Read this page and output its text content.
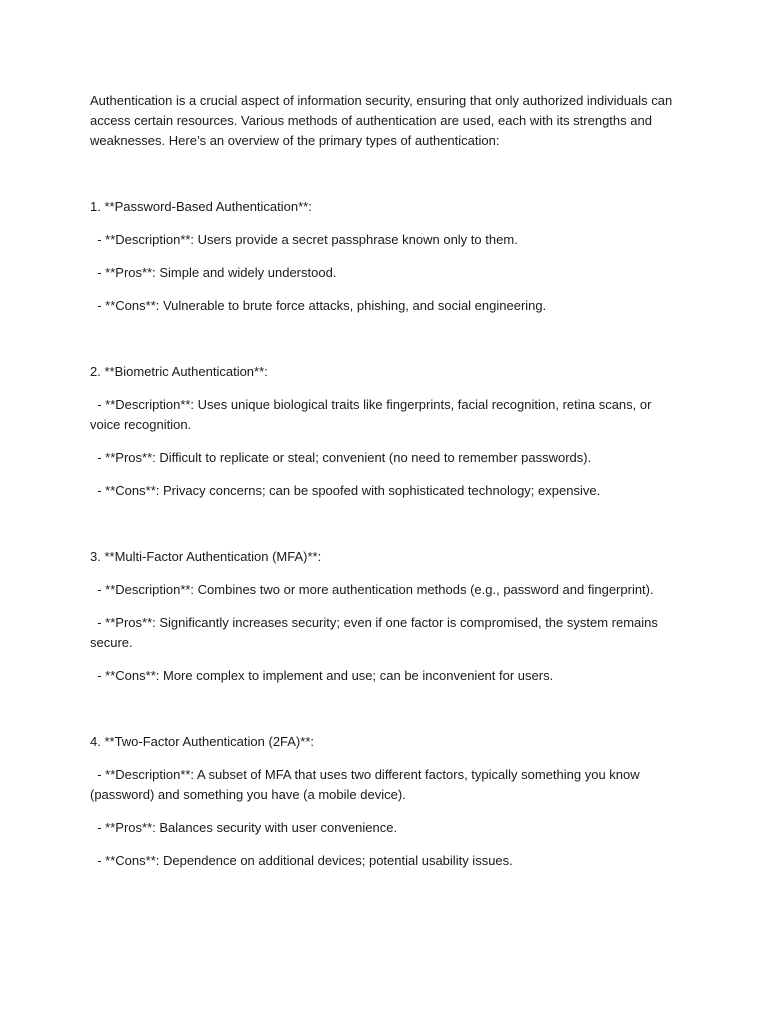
Authentication is a crucial aspect of information security, ensuring that only authorized individuals can access certain resources. Various methods of authentication are used, each with its strengths and weaknesses. Here’s an overview of the primary types of authentication:

1. **Password-Based Authentication**:

- **Description**: Users provide a secret passphrase known only to them.

- **Pros**: Simple and widely understood.

- **Cons**: Vulnerable to brute force attacks, phishing, and social engineering.

2. **Biometric Authentication**:

- **Description**: Uses unique biological traits like fingerprints, facial recognition, retina scans, or voice recognition.

- **Pros**: Difficult to replicate or steal; convenient (no need to remember passwords).

- **Cons**: Privacy concerns; can be spoofed with sophisticated technology; expensive.

3. **Multi-Factor Authentication (MFA)**:

- **Description**: Combines two or more authentication methods (e.g., password and fingerprint).

- **Pros**: Significantly increases security; even if one factor is compromised, the system remains secure.

- **Cons**: More complex to implement and use; can be inconvenient for users.

4. **Two-Factor Authentication (2FA)**:

- **Description**: A subset of MFA that uses two different factors, typically something you know (password) and something you have (a mobile device).

- **Pros**: Balances security with user convenience.

- **Cons**: Dependence on additional devices; potential usability issues.
